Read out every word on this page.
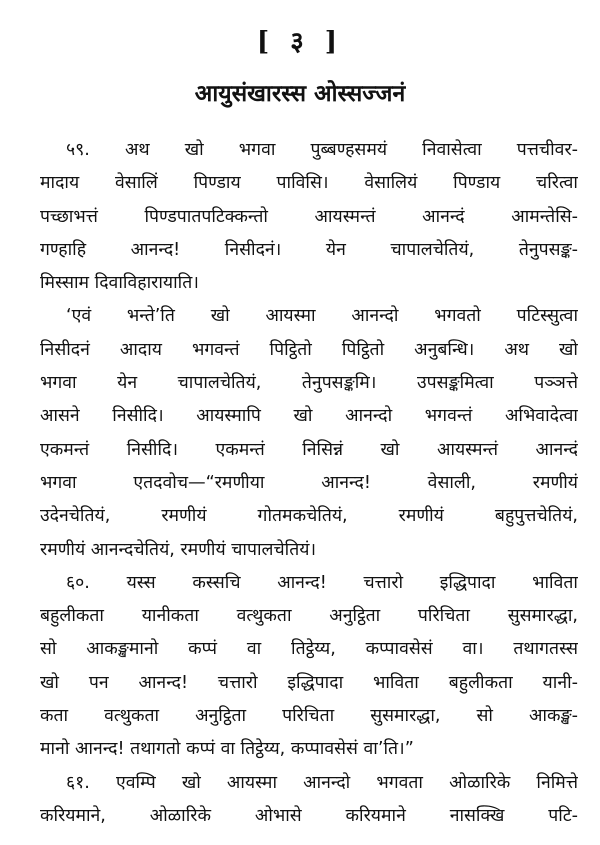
[ ३ ]
आयुसंखारस्स ओस्सज्जनं
५९. अथ खो भगवा पुब्बण्हसमयं निवासेत्वा पत्तचीवर-
मादाय वेसालिं पिण्डाय पाविसि। वेसालियं पिण्डाय चरित्वा
पच्छाभत्तं पिण्डपातपटिक्कन्तो आयस्मन्तं आनन्दं आमन्तेसि-
गण्हाहि आनन्द! निसीदनं। येन चापालचेतियं, तेनुपसङ्क-
मिस्साम दिवाविहारायाति।
‘एवं भन्ते’ति खो आयस्मा आनन्दो भगवतो पटिस्सुत्वा
निसीदनं आदाय भगवन्तं पिट्ठितो पिट्ठितो अनुबन्धि। अथ खो
भगवा येन चापालचेतियं, तेनुपसङ्कमि। उपसङ्कमित्वा पञ्ञत्ते
आसने निसीदि। आयस्मापि खो आनन्दो भगवन्तं अभिवादेत्वा
एकमन्तं निसीदि। एकमन्तं निसिन्नं खो आयस्मन्तं आनन्दं
भगवा एतदवोच—“रमणीया आनन्द! वेसाली, रमणीयं
उदेनचेतियं, रमणीयं गोतमकचेतियं, रमणीयं बहुपुत्तचेतियं,
रमणीयं आनन्दचेतियं, रमणीयं चापालचेतियं।
६०. यस्स कस्सचि आनन्द! चत्तारो इद्धिपादा भाविता
बहुलीकता यानीकता वत्थुकता अनुट्ठिता परिचिता सुसमारद्धा,
सो आकङ्खमानो कप्पं वा तिट्ठेय्य, कप्पावसेसं वा। तथागतस्स
खो पन आनन्द! चत्तारो इद्धिपादा भाविता बहुलीकता यानी-
कता वत्थुकता अनुट्ठिता परिचिता सुसमारद्धा, सो आकङ्ख-
मानो आनन्द! तथागतो कप्पं वा तिट्ठेय्य, कप्पावसेसं वा’ति।”
६१. एवम्पि खो आयस्मा आनन्दो भगवता ओळारिके निमित्ते
करियमाने, ओळारिके ओभासे करियमाने नासक्खि पटि-
